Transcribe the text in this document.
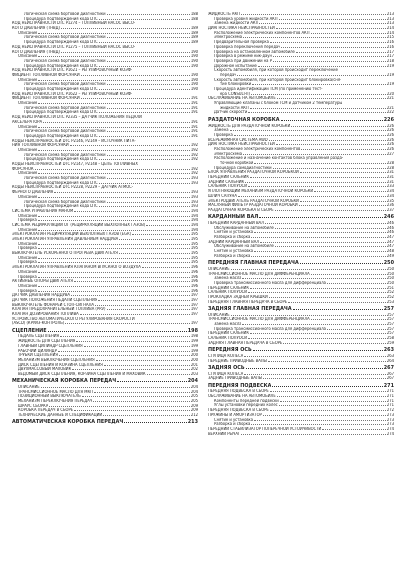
Логическая схема бортовой диагностики	188
Процедура подтверждения кода DTC	188
КОД НЕИСПРАВНОСТИ DTC P1274 – ТОПЛИВНЫЙ НАСОС ВЫСО-
КОГО ДАВЛЕНИЯ (ТНВД)	189
Описание	189
Логическая схема бортовой диагностики	189
Процедура подтверждения кода DTC	189
КОД НЕИСПРАВНОСТИ DTC P1275 – ТОПЛИВНЫЙ НАСОС ВЫСО-
КОГО ДАВЛЕНИЯ (ТНВД)	190
Описание	190
Логическая схема бортовой диагностики	190
Процедура подтверждения кода DTC	190
КОД НЕИСПРАВНОСТИ DTC P1621 – РЕГУЛИРОВОЧНЫЙ КОЭФ-
ФИЦИЕНТ ТОПЛИВНОЙ ФОРСУНКИ	190
Описание	190
Логическая схема бортовой диагностики	190
Процедура подтверждения кода DTC	190
КОД НЕИСПРАВНОСТИ DTC P1622 – РЕГУЛИРОВОЧНЫЙ КОЭФ-
ФИЦИЕНТ ТОПЛИВНОЙ ФОРСУНКИ	191
Описание	191
Логическая схема бортовой диагностики	191
Процедура подтверждения кода DTC	191
КОД НЕИСПРАВНОСТИ DTC P2335 – ДАТЧИК ПОЛОЖЕНИЯ ПЕДАЛИ
АКСЕЛЕРАТОРА	191
Описание	191
Логическая схема бортовой диагностики	191
Процедура подтверждения кода DTC	191
КОДЫ НЕИСПРАВНОСТЕЙ DTC P2146, P2149 – ИСТОЧНИК ПИТА-
НИЯ ТОПЛИВНОЙ ФОРСУНКИ	192
Описание	192
Логическая схема бортовой диагностики	192
Процедура подтверждения кода DTC	192
КОДЫ НЕИСПРАВНОСТЕЙ DTC P2147, P2148 – ЦЕПЬ ТОПЛИВНЫХ
ФОРСУНОК	192
Описание	192
Логическая схема бортовой диагностики	193
Процедура подтверждения кода DTC	193
КОДЫ НЕИСПРАВНОСТЕЙ DTC P2228, P2229 – ДАТЧИК АТМОС-
ФЕРНОГО ДАВЛЕНИЯ	193
Описание	193
Логическая схема бортовой диагностики	193
Процедура подтверждения кода DTC	193
СИСТЕМА УПРАВЛЕНИЯ МАНОМ	194
Описание	194
Проверка	194
СИСТЕМА РЕЦИРКУЛЯЦИИ ОГ (РЕЦИРКУЛЯЦИИ ВЫХЛОПНЫХ ГАЗОВ)	194
Описание	194
ЭЛЕКТРОКЛАПАН РЕЦИРКУЛЯЦИИ ВЫХЛОПНЫХ ГАЗОВ (EGR)	195
ЭЛЕКТРОКЛАПАН УПРАВЛЕНИЯ ДАВЛЕНИЕМ НАДДУВА	195
Описание	195
Проверка	195
ВЫКЛЮЧАТЕЛЬ УСКОРЕННОГО ПРОГРЕВА ДВИГАТЕЛЯ	195
Описание	195
Проверка	195
ЭЛЕКТРОКЛАПАН УПРАВЛЕНИЯ КЛАПАНОМ ВПУСКНОГО ВОЗДУХА	196
Описание	196
Проверка	196
АКТИВНЫЕ ОПОРЫ ДВИГАТЕЛЯ	196
Описание	196
Проверка	196
ДАТЧИК ДАВЛЕНИЯ НАДДУВА	197
ДАТЧИК ПОЛОЖЕНИЯ ПЕДАЛИ СЦЕПЛЕНИЯ	197
ВЫКЛЮЧАТЕЛЬ ФОНАРЕЙ СТОП-СИГНАЛА	197
КЛАПАН ПРЕДОХРАНИТЕЛЬНЫЙ ТОПЛИВА (PRV)	197
КЛАПАН ДОЗИРОВАНИЯ ТОПЛИВА	197
УСТРОЙСТВО АВТОМАТИЧЕСКОГО РЕГУЛИРОВАНИЯ СКОРОСТИ
(ASCD) (КРУИЗ-КОНТРОЛЬ)	197
СЦЕПЛЕНИЕ	198
ПЕДАЛЬ СЦЕПЛЕНИЯ	198
ЖИДКОСТЬ ДЛЯ СЦЕПЛЕНИЯ	199
ГЛАВНЫЙ ЦИЛИНДР СЦЕПЛЕНИЯ	199
РАБОЧИЙ ЦИЛИНДР	199
ТРУБКИ СЦЕПЛЕНИЯ	200
МЕХАНИЗМ ВЫКЛЮЧЕНИЯ СЦЕПЛЕНИЯ	200
ДИСК СЦЕПЛЕНИЯ И КОРЗИНА СЦЕПЛЕНИЯ	201
ДВУХМАССОВЫЙ МАХОВИК	202
ВЕДОМЫЙ ДИСК СЦЕПЛЕНИЯ, КОРЗИНА СЦЕПЛЕНИЯ И МАХОВИК	203
МЕХАНИЧЕСКАЯ КОРОБКА ПЕРЕДАЧ	204
ОПИСАНИЕ	204
ТРАНСМИССИОННОЕ МАСЛО ДЛЯ МКП	204
ПОЗИЦИОННЫЙ ВЫКЛЮЧАТЕЛЬ	205
МЕХАНИЗМ ПЕРЕКЛЮЧЕНИЯ ПЕРЕДАЧ	205
ШРАУС СБОРКА	209
КОРОБКА ПЕРЕДАЧ В СБОРЕ	209
ТЕХНИЧЕСКИЕ ДАННЫЕ И СПЕЦИФИКАЦИИ	212
АВТОМАТИЧЕСКАЯ КОРОБКА ПЕРЕДАЧ	213
ЖИДКОСТЬ АКП	213
Проверка уровня жидкости АКП	213
Замена жидкости АКП	213
ДИАГНОСТИКА НЕИСПРАВНОСТЕЙ	214
Расположение электрических компонентов АКП	214
Электросхема	215
Предварительная проверка	216
Проверка переключения передач	216
Проверка на остановленном автомобиле	217
Проверка в режиме кик-даун	217
Проверка при движении на Р	218
Дорожное испытание	219
Скорость автомобиля, при которой происходит переключение
передач	219
Скорость автомобиля, при которой происходит блокировка/сня-
тие блокировки	219
Процедура идентификации TCM (по применению тест-
ера CONSULT-II)	220
ОБСЛУЖИВАНИЕ НА АВТОМОБИЛЕ	221
Управляющие клапаны с блоком TCM и датчиком 2 температуры
жидкости АКП	221
Датчик скорости	222
РАЗДАТОЧНАЯ КОРОБКА	226
ЖИДКОСТЬ ДЛЯ РАЗДАТОЧНОЙ КОРОБКИ	226
Замена	226
Проверка	226
ВСЕРЕЖИМНАЯ СИСТЕМА AWD	226
ДИАГНОСТИКА НЕИСПРАВНОСТЕЙ	226
Расположение электрических компонентов	226
Электросхема	227
Расположение и назначение контактов блока управления разда-
точной коробкой	228
Процедура самодиагностики	228
БЛОК УПРАВЛЕНИЯ РАЗДАТОЧНОЙ КОРОБКОЙ	231
ПЕРЕДНИЙ САЛЬНИК	231
ЗАДНИЙ САЛЬНИК	231
САЛЬНИК ПОЛУОСИ	233
УПЛОТНЯЮЩИЙ МЕХАНИЗМ РАЗДАТОЧНОЙ КОРОБКИ	234
ШЛИЧ САПУНА	234
ЭЛЕКТРОДВИГАТЕЛЬ РАЗДАТОЧНОЙ КОРОБКИ	235
МАСЛЯНЫЙ ФИЛЬТР РАЗДАТОЧНОЙ КОРОБКИ	236
РАЗДАТОЧНАЯ КОРОБКА В СБОРЕ	237
КАРДАННЫЙ ВАЛ	246
ПЕРЕДНИЙ КАРДАННЫЙ ВАЛ	246
Обслуживание на автомобиле	246
Снятие и установка	246
Разборка и сборка	247
ЗАДНИЙ КАРДАННЫЙ ВАЛ	247
Обслуживание на автомобиле	247
Снятие и установка	248
Разборка и сборка	249
ПЕРЕДНЯЯ ГЛАВНАЯ ПЕРЕДАЧА	250
ОПИСАНИЕ	250
ТРАНСМИССИОННОЕ МАСЛО ДЛЯ ДИФФЕРЕНЦИАЛА	250
Замена масла	250
Проверка трансмиссионного масла для дифференциала	250
ПЕРЕДНИЙ САЛЬНИК	251
САЛЬНИК ПОЛУОСИ	252
ПРОКЛАДКА ЗАДНЕЙ КРЫШКИ	252
ПЕРЕДНЯЯ ГЛАВНАЯ ПЕРЕДАЧА В СБОРЕ	253
ЗАДНЯЯ ГЛАВНАЯ ПЕРЕДАЧА	257
ОПИСАНИЕ	257
ТРАНСМИССИОННОЕ МАСЛО ДЛЯ ДИФФЕРЕНЦИАЛА	257
Замена масла	257
Проверка трансмиссионного масла для дифференциала	257
ПЕРЕДНИЙ САЛЬНИК	257
САЛЬНИК ПОЛУОСИ	258
ЗАДНЯЯ ГЛАВНАЯ ПЕРЕДАЧА В СБОРЕ	259
ПЕРЕДНЯЯ ОСЬ	263
СТУПИЦА КОЛЕСА	263
ПЕРЕДНИЕ ПРИВОДНЫЕ ВАЛЫ	264
ЗАДНЯЯ ОСЬ	267
СТУПИЦА КОЛЕСА	267
ЗАДНИЕ ПРИВОДНЫЕ ВАЛЫ	267
ПЕРЕДНЯЯ ПОДВЕСКА	271
ПЕРЕДНЯЯ ПОДВЕСКА В СБОРЕ	271
ОБСЛУЖИВАНИЕ НА АВТОМОБИЛЕ	271
Компоненты передней подвески	271
Углы установки передних колес	271
ПЕРЕДНЯЯ ПОДВЕСКА В СБОРЕ	272
ПРУЖИНЫ И АМОРТИЗАТОР	273
Снятие и установка	273
Разборка и сборка	273
ПЕРЕДНИЙ СТАБИЛИЗАТОР ПОПЕРЕЧНОЙ УСТОЙЧИВОСТИ	274
ВЕРХНИЙ РЫЧАГ	274
